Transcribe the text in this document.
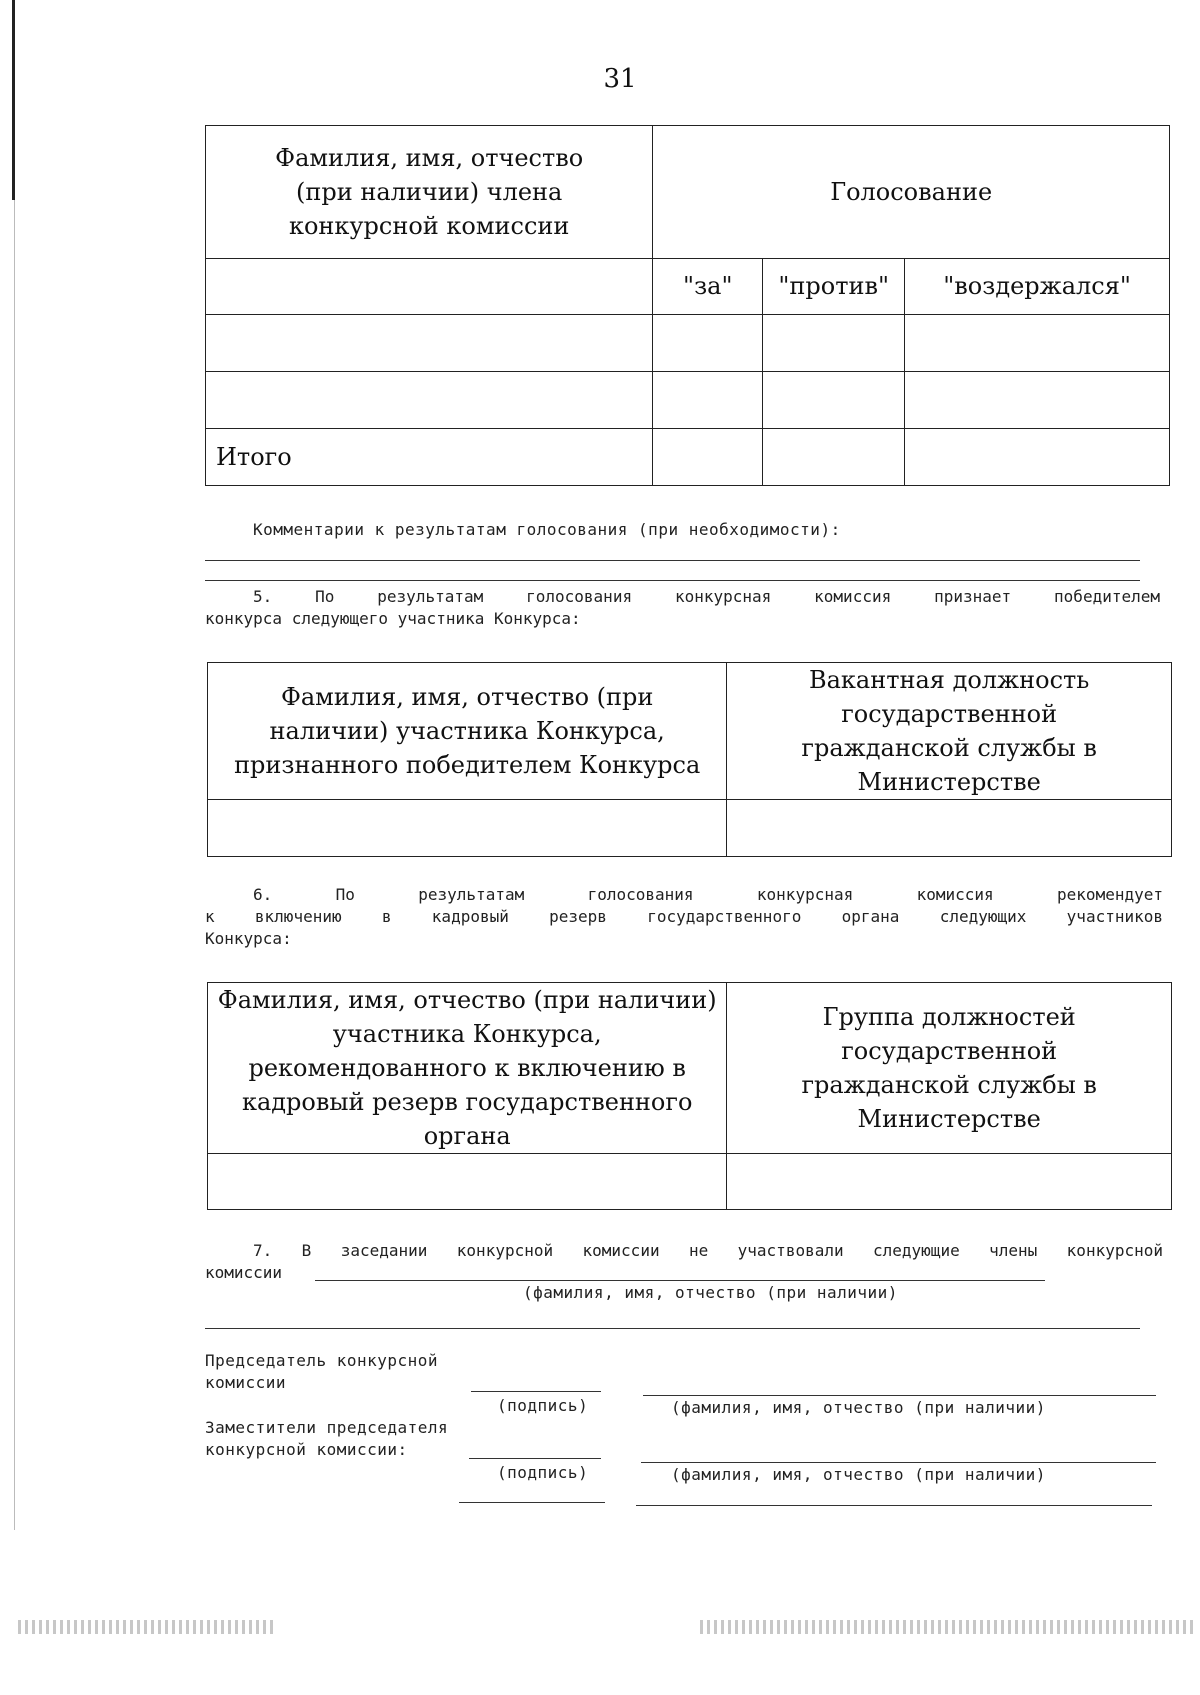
31
Фамилия, имя, отчество (при наличии) члена конкурсной комиссии	Голосование		
	"за"	"против"	"воздержался"

Итого			
Комментарии к результатам голосования (при необходимости):
5. По результатам голосования конкурсная комиссия признает победителем
конкурса следующего участника Конкурса:
Фамилия, имя, отчество (при наличии) участника Конкурса, признанного победителем Конкурса	Вакантная должность государственной гражданской службы в Министерстве

6. По результатам голосования конкурсная комиссия рекомендует
к включению в кадровый резерв государственного органа следующих участников
Конкурса:
Фамилия, имя, отчество (при наличии) участника Конкурса, рекомендованного к включению в кадровый резерв государственного органа	Группа должностей государственной гражданской службы в Министерстве

7. В заседании конкурсной комиссии не участвовали следующие члены конкурсной
комиссии
(фамилия, имя, отчество (при наличии)
Председатель конкурсной
комиссии
(подпись)	(фамилия, имя, отчество (при наличии)
Заместители председателя
конкурсной комиссии:
(подпись)	(фамилия, имя, отчество (при наличии)
